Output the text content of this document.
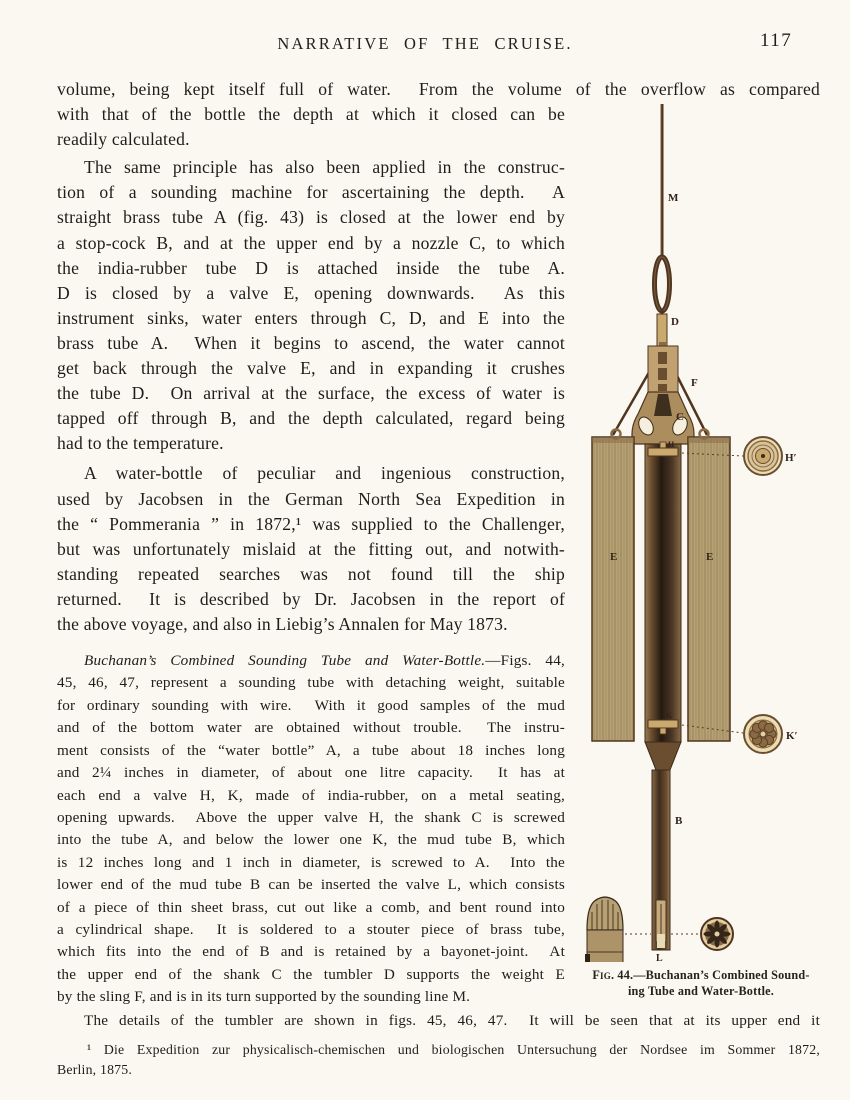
NARRATIVE OF THE CRUISE.	117
volume, being kept itself full of water.  From the volume of the overflow as compared
with that of the bottle the depth at which it closed can be
readily calculated.
The same principle has also been applied in the construc-
tion of a sounding machine for ascertaining the depth.  A
straight brass tube A (fig. 43) is closed at the lower end by
a stop-cock B, and at the upper end by a nozzle C, to which
the india-rubber tube D is attached inside the tube A.
D is closed by a valve E, opening downwards.  As this
instrument sinks, water enters through C, D, and E into the
brass tube A.  When it begins to ascend, the water cannot
get back through the valve E, and in expanding it crushes
the tube D.  On arrival at the surface, the excess of water is
tapped off through B, and the depth calculated, regard being
had to the temperature.
A water-bottle of peculiar and ingenious construction,
used by Jacobsen in the German North Sea Expedition in
the “ Pommerania ” in 1872,¹ was supplied to the Challenger,
but was unfortunately mislaid at the fitting out, and notwith-
standing repeated searches was not found till the ship
returned.  It is described by Dr. Jacobsen in the report of
the above voyage, and also in Liebig’s Annalen for May 1873.
Buchanan’s Combined Sounding Tube and Water-Bottle.—Figs. 44,
45, 46, 47, represent a sounding tube with detaching weight, suitable
for ordinary sounding with wire.  With it good samples of the mud
and of the bottom water are obtained without trouble.  The instru-
ment consists of the “water bottle” A, a tube about 18 inches long
and 2¼ inches in diameter, of about one litre capacity.  It has at
each end a valve H, K, made of india-rubber, on a metal seating,
opening upwards.  Above the upper valve H, the shank C is screwed
into the tube A, and below the lower one K, the mud tube B, which
is 12 inches long and 1 inch in diameter, is screwed to A.  Into the
lower end of the mud tube B can be inserted the valve L, which consists
of a piece of thin sheet brass, cut out like a comb, and bent round into
a cylindrical shape.  It is soldered to a stouter piece of brass tube,
which fits into the end of B and is retained by a bayonet-joint.  At
the upper end of the shank C the tumbler D supports the weight E
by the sling F, and is in its turn supported by the sounding line M.
The details of the tumbler are shown in figs. 45, 46, 47.  It will be seen that at its upper end it
¹ Die Expedition zur physicalisch-chemischen und biologischen Untersuchung der Nordsee im Sommer 1872,
Berlin, 1875.
M
D
F
C
H
E	E
H′
K
K′
B
L
Fig. 44.—Buchanan’s Combined Sound-
ing Tube and Water-Bottle.
